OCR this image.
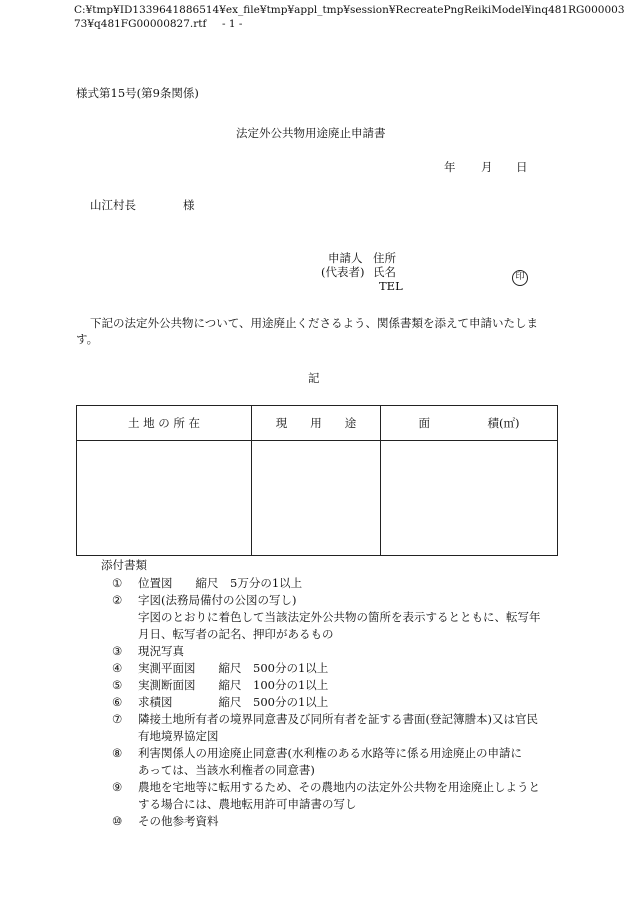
C:¥tmp¥ID1339641886514¥ex_file¥tmp¥appl_tmp¥session¥RecreatePngReikiModel¥inq481RG000003
73¥q481FG00000827.rtf - 1 -
様式第15号(第9条関係)
法定外公共物用途廃止申請書
年 月 日
山江村長	様
申請人
(代表者)
住所
氏名
TEL
印
下記の法定外公共物について、用途廃止くださるよう、関係書類を添えて申請いたしま
す。
記
土 地 の 所 在	現　　用　　途	面　　　　　積(㎡)

添付書類
① 位置図　　縮尺　5万分の1以上
② 字図(法務局備付の公図の写し)
字図のとおりに着色して当該法定外公共物の箇所を表示するとともに、転写年
月日、転写者の記名、押印があるもの
③ 現況写真
④ 実測平面図　　縮尺　500分の1以上
⑤ 実測断面図　　縮尺　100分の1以上
⑥ 求積図　　　　縮尺　500分の1以上
⑦ 隣接土地所有者の境界同意書及び同所有者を証する書面(登記簿謄本)又は官民
有地境界協定図
⑧ 利害関係人の用途廃止同意書(水利権のある水路等に係る用途廃止の申請に
あっては、当該水利権者の同意書)
⑨ 農地を宅地等に転用するため、その農地内の法定外公共物を用途廃止しようと
する場合には、農地転用許可申請書の写し
⑩ その他参考資料
